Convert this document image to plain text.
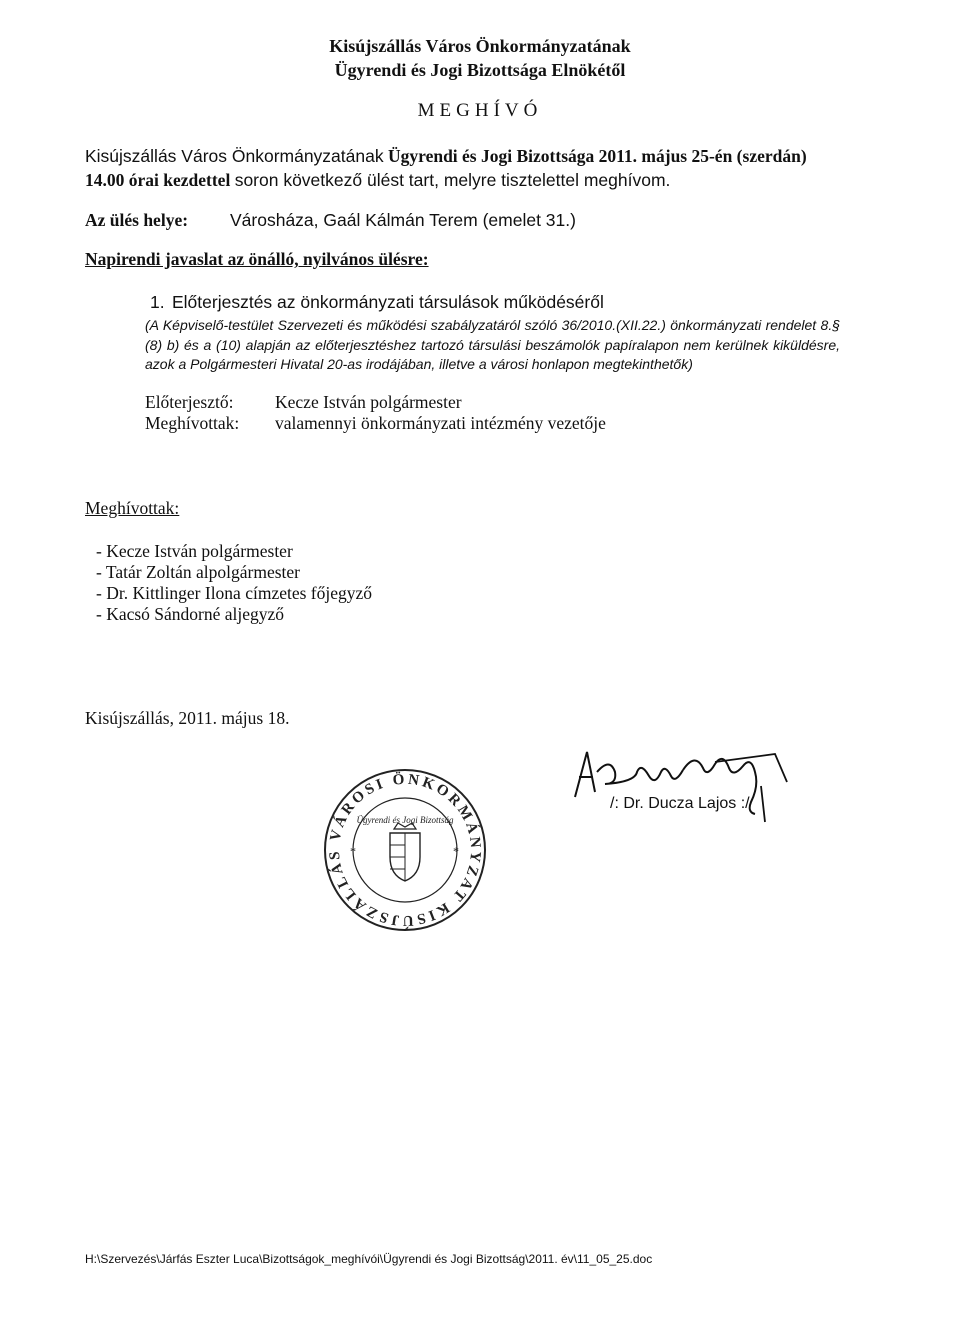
Kisújszállás Város Önkormányzatának
Ügyrendi és Jogi Bizottsága Elnökétől
MEGHÍVÓ
Kisújszállás Város Önkormányzatának Ügyrendi és Jogi Bizottsága 2011. május 25-én (szerdán)
14.00 órai kezdettel soron következő ülést tart, melyre tisztelettel meghívom.
Az ülés helye: Városháza, Gaál Kálmán Terem (emelet 31.)
Napirendi javaslat az önálló, nyilvános ülésre:
1. Előterjesztés az önkormányzati társulások működéséről
(A Képviselő-testület Szervezeti és működési szabályzatáról szóló 36/2010.(XII.22.) önkormányzati rendelet 8.§ (8) b) és a (10) alapján az előterjesztéshez tartozó társulási beszámolók papíralapon nem kerülnek kiküldésre, azok a Polgármesteri Hivatal 20-as irodájában, illetve a városi honlapon megtekinthetők)
Előterjesztő: Kecze István polgármester
Meghívottak: valamennyi önkormányzati intézmény vezetője
Meghívottak:
- Kecze István polgármester
- Tatár Zoltán alpolgármester
- Dr. Kittlinger Ilona címzetes főjegyző
- Kacsó Sándorné aljegyző
Kisújszállás, 2011. május 18.
VÁROSI ÖNKORMÁNYZAT KISÚJSZÁLLÁS
Ügyrendi és Jogi Bizottság
*	*
/: Dr. Ducza Lajos :/
H:\Szervezés\Járfás Eszter Luca\Bizottságok_meghívói\Ügyrendi és Jogi Bizottság\2011. év\11_05_25.doc
